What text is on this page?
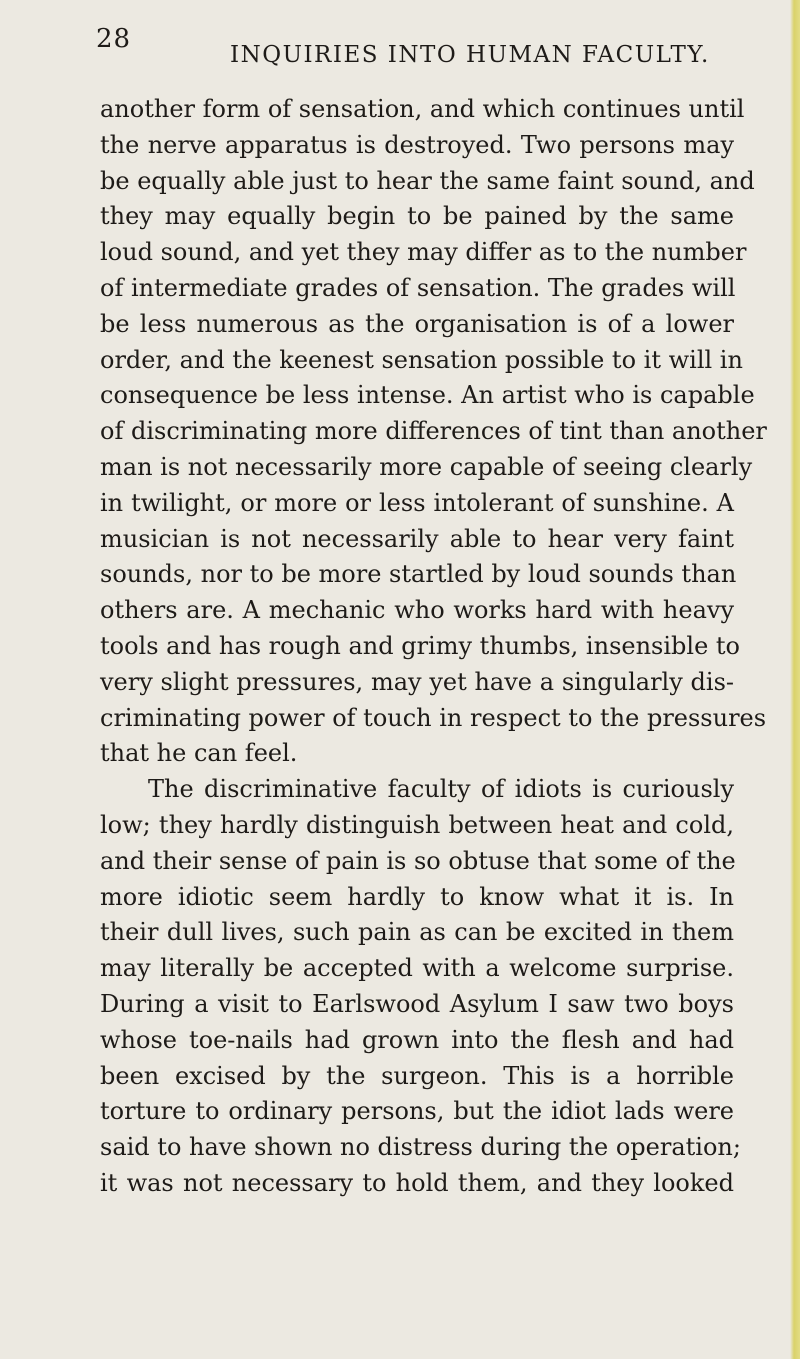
28
INQUIRIES INTO HUMAN FACULTY.
another form of sensation, and which continues until
the nerve apparatus is destroyed. Two persons may
be equally able just to hear the same faint sound, and
they may equally begin to be pained by the same
loud sound, and yet they may differ as to the number
of intermediate grades of sensation. The grades will
be less numerous as the organisation is of a lower
order, and the keenest sensation possible to it will in
consequence be less intense. An artist who is capable
of discriminating more differences of tint than another
man is not necessarily more capable of seeing clearly
in twilight, or more or less intolerant of sunshine. A
musician is not necessarily able to hear very faint
sounds, nor to be more startled by loud sounds than
others are. A mechanic who works hard with heavy
tools and has rough and grimy thumbs, insensible to
very slight pressures, may yet have a singularly dis-
criminating power of touch in respect to the pressures
that he can feel.
The discriminative faculty of idiots is curiously
low; they hardly distinguish between heat and cold,
and their sense of pain is so obtuse that some of the
more idiotic seem hardly to know what it is. In
their dull lives, such pain as can be excited in them
may literally be accepted with a welcome surprise.
During a visit to Earlswood Asylum I saw two boys
whose toe-nails had grown into the flesh and had
been excised by the surgeon. This is a horrible
torture to ordinary persons, but the idiot lads were
said to have shown no distress during the operation;
it was not necessary to hold them, and they looked
